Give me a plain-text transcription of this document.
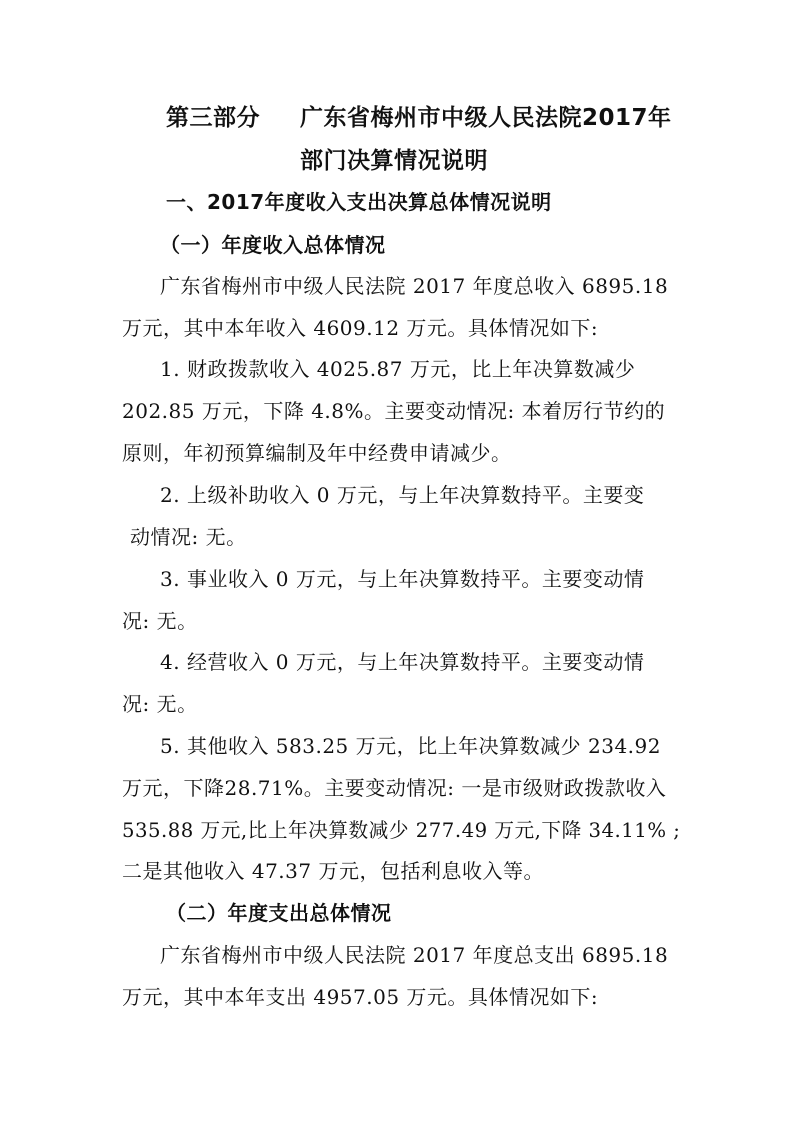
第三部分 广东省梅州市中级人民法院2017年
部门决算情况说明
一、2017年度收入支出决算总体情况说明
（一）年度收入总体情况
广东省梅州市中级人民法院 2017 年度总收入 6895.18
万元，其中本年收入 4609.12 万元。具体情况如下:
1. 财政拨款收入 4025.87 万元，比上年决算数减少
202.85 万元，下降 4.8%。主要变动情况: 本着厉行节约的
原则，年初预算编制及年中经费申请减少。
2. 上级补助收入 0 万元，与上年决算数持平。主要变
动情况: 无。
3. 事业收入 0 万元，与上年决算数持平。主要变动情
况: 无。
4. 经营收入 0 万元，与上年决算数持平。主要变动情
况: 无。
5. 其他收入 583.25 万元，比上年决算数减少 234.92
万元，下降28.71%。主要变动情况: 一是市级财政拨款收入
535.88 万元,比上年决算数减少 277.49 万元,下降 34.11% ;
二是其他收入 47.37 万元，包括利息收入等。
（二）年度支出总体情况
广东省梅州市中级人民法院 2017 年度总支出 6895.18
万元，其中本年支出 4957.05 万元。具体情况如下:
